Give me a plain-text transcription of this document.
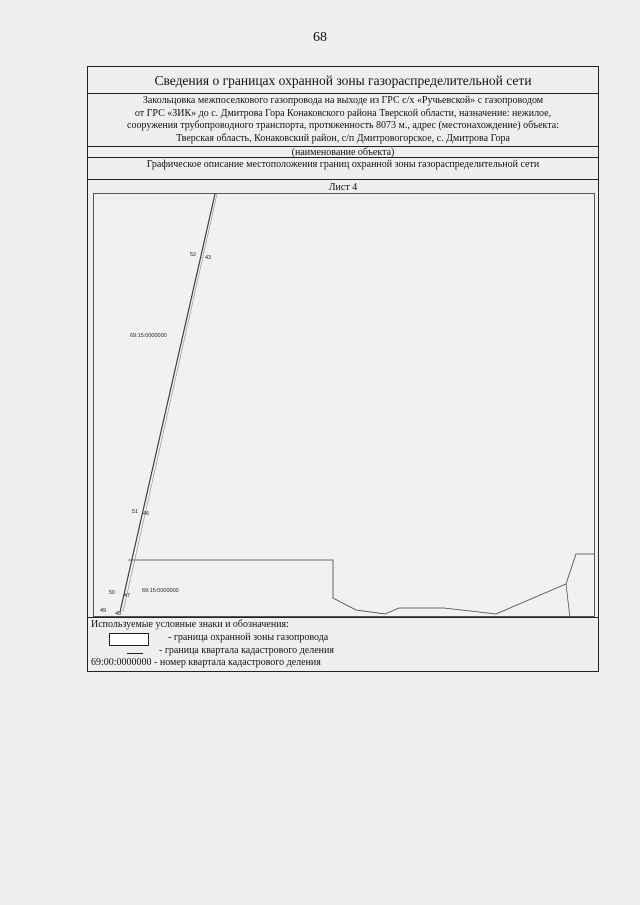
68
Сведения о границах охранной зоны газораспределительной сети
Закольцовка межпоселкового газопровода на выходе из ГРС с/х «Ручьевской» с газопроводом
от ГРС «ЗИК» до с. Дмитрова Гора Конаковского района Тверской области, назначение: нежилое,
сооружения трубопроводного транспорта, протяженность 8073 м., адрес (местонахождение) объекта:
Тверская область, Конаковский район, с/п Дмитровогорское, с. Дмитрова Гора
(наименование объекта)
Графическое описание местоположения границ охранной зоны газораспределительной сети
Лист 4
52 43
51 46
50 47
49 48
69:15:0000000
69:15:0000000
Используемые условные знаки и обозначения:
- граница охранной зоны газопровода
- граница квартала кадастрового деления
69:00:0000000 - номер квартала кадастрового деления
